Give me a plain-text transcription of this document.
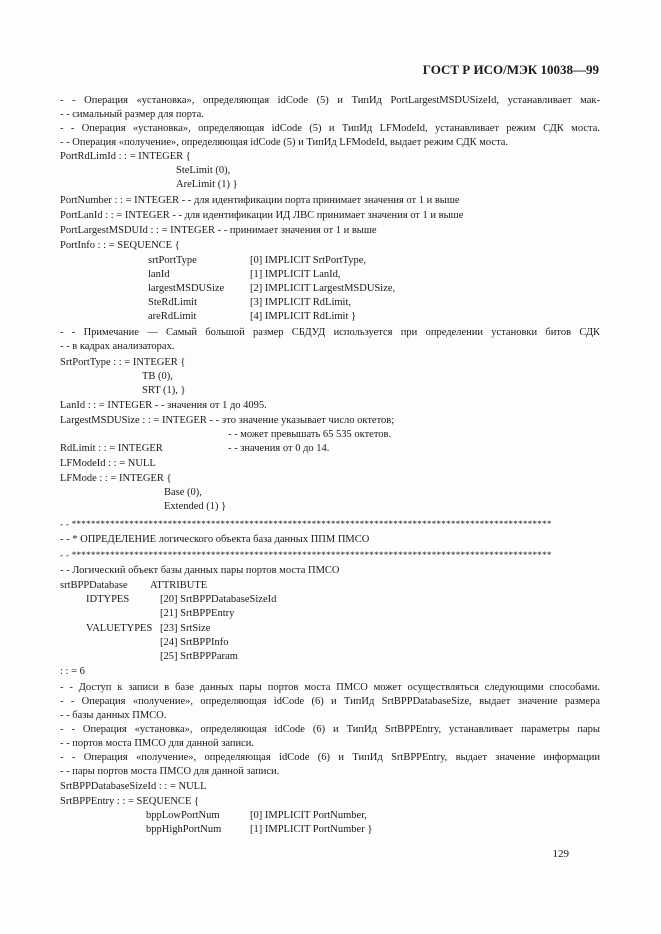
ГОСТ Р ИСО/МЭК 10038—99
- - Операция «установка», определяющая idCode (5) и ТипИд PortLargestMSDUSizeId, устанавливает мак-
- - симальный размер для порта.
- - Операция «установка», определяющая idCode (5) и ТипИд LFModeId, устанавливает режим СДК моста.
- - Операция «получение», определяющая idCode (5) и ТипИд LFModeId, выдает режим СДК моста.
PortRdLimId : : = INTEGER {
SteLimit (0),
AreLimit (1) }
PortNumber : : = INTEGER - - для идентификации порта принимает значения от 1 и выше
PortLanId : : = INTEGER - - для идентификации ИД ЛВС принимает значения от 1 и выше
PortLargestMSDUId : : = INTEGER - - принимает значения от 1 и выше
PortInfo : : = SEQUENCE {
srtPortType	[0] IMPLICIT SrtPortType,
lanId	[1] IMPLICIT LanId,
largestMSDUSize [2] IMPLICIT LargestMSDUSize,
SteRdLimit	[3] IMPLICIT RdLimit,
areRdLimit	[4] IMPLICIT RdLimit }
- - Примечание — Самый большой размер СБДУД используется при определении установки битов СДК
- - в кадрах анализаторах.
SrtPortType : : = INTEGER {
TB (0),
SRT (1), }
LanId : : = INTEGER - - значения от 1 до 4095.
LargestMSDUSize : : = INTEGER - - это значение указывает число октетов;
- - может превышать 65 535 октетов.
RdLimit : : = INTEGER	- - значения от 0 до 14.
LFModeId : : = NULL
LFMode : : = INTEGER {
Base (0),
Extended (1) }
- - ****************************************************************************************************
- - * ОПРЕДЕЛЕНИЕ логического объекта база данных ППМ ПМСО
- - ****************************************************************************************************
- - Логический объект базы данных пары портов моста ПМСО
srtBPPDatabase ATTRIBUTE
IDTYPES	[20] SrtBPPDatabaseSizeId
[21] SrtBPPEntry
VALUETYPES [23] SrtSize
[24] SrtBPPInfo
[25] SrtBPPParam
: : = 6
- - Доступ к записи в базе данных пары портов моста ПМСО может осуществляться следующими способами.
- - Операция «получение», определяющая idCode (6) и ТипИд SrtBPPDatabaseSize, выдает значение размера
- - базы данных ПМСО.
- - Операция «установка», определяющая idCode (6) и ТипИд SrtBPPEntry, устанавливает параметры пары
- - портов моста ПМСО для данной записи.
- - Операция «получение», определяющая idCode (6) и ТипИд SrtBPPEntry, выдает значение информации
- - пары портов моста ПМСО для данной записи.
SrtBPPDatabaseSizeId : : = NULL
SrtBPPEntry : : = SEQUENCE {
bppLowPortNum	[0] IMPLICIT PortNumber,
bppHighPortNum	[1] IMPLICIT PortNumber }
129
